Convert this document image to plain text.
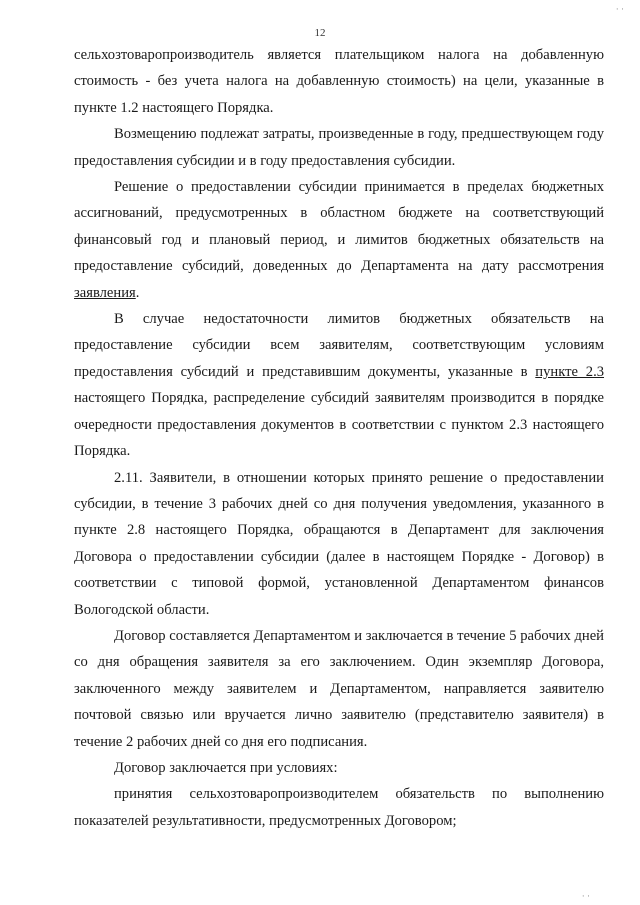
· ·
12

сельхозтоваропроизводитель является плательщиком налога на добавленную стоимость - без учета налога на добавленную стоимость) на цели, указанные в пункте 1.2 настоящего Порядка.

Возмещению подлежат затраты, произведенные в году, предшествующем году предоставления субсидии и в году предоставления субсидии.

Решение о предоставлении субсидии принимается в пределах бюджетных ассигнований, предусмотренных в областном бюджете на соответствующий финансовый год и плановый период, и лимитов бюджетных обязательств на предоставление субсидий, доведенных до Департамента на дату рассмотрения заявления.

В случае недостаточности лимитов бюджетных обязательств на предоставление субсидии всем заявителям, соответствующим условиям предоставления субсидий и представившим документы, указанные в пункте 2.3 настоящего Порядка, распределение субсидий заявителям производится в порядке очередности предоставления документов в соответствии с пунктом 2.3 настоящего Порядка.

2.11. Заявители, в отношении которых принято решение о предоставлении субсидии, в течение 3 рабочих дней со дня получения уведомления, указанного в пункте 2.8 настоящего Порядка, обращаются в Департамент для заключения Договора о предоставлении субсидии (далее в настоящем Порядке - Договор) в соответствии с типовой формой, установленной Департаментом финансов Вологодской области.

Договор составляется Департаментом и заключается в течение 5 рабочих дней со дня обращения заявителя за его заключением. Один экземпляр Договора, заключенного между заявителем и Департаментом, направляется заявителю почтовой связью или вручается лично заявителю (представителю заявителя) в течение 2 рабочих дней со дня его подписания.

Договор заключается при условиях:

принятия сельхозтоваропроизводителем обязательств по выполнению показателей результативности, предусмотренных Договором;

· ·
